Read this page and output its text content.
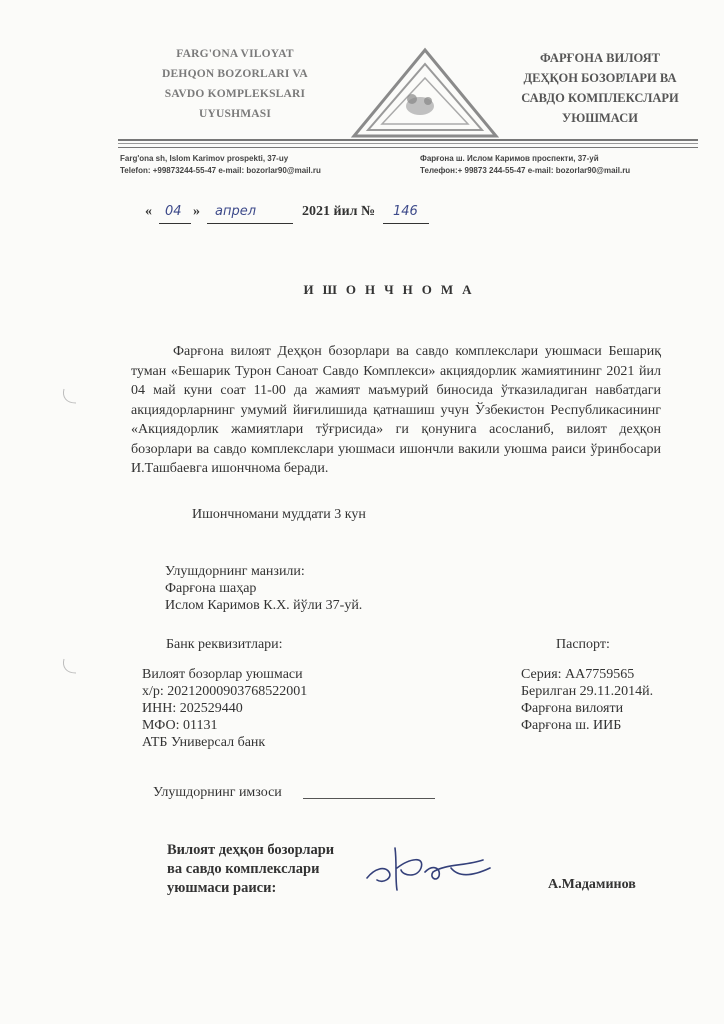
FARG'ONA VILOYAT
DEHQON BOZORLARI VA
SAVDO KOMPLEKSLARI
UYUSHMASI
ФАРҒОНА ВИЛОЯТ
ДЕҲҚОН БОЗОРЛАРИ ВА
САВДО КОМПЛЕКСЛАРИ
УЮШМАСИ
Farg'ona sh, Islom Karimov prospekti, 37-uy
Telefon: +99873244-55-47 e-mail: bozorlar90@mail.ru
Фарғона ш. Ислом Каримов проспекти, 37-уй
Телефон:+ 99873 244-55-47 e-mail: bozorlar90@mail.ru
« 04 » апрел	2021 йил № 146
ИШОНЧНОМА
Фарғона вилоят Деҳқон бозорлари ва савдо комплекслари уюшмаси Бешариқ туман «Бешарик Турон Саноат Савдо Комплекси» акциядорлик жамиятининг 2021 йил 04 май куни соат 11-00 да жамият маъмурий биносида ўтказиладиган навбатдаги акциядорларнинг умумий йиғилишида қатнашиш учун Ўзбекистон Республикасининг «Акциядорлик жамиятлари тўғрисида» ги қонунига асосланиб, вилоят деҳқон бозорлари ва савдо комплекслари уюшмаси ишончли вакили уюшма раиси ўринбосари И.Ташбаевга ишончнома беради.
Ишончномани муддати 3 кун
Улушдорнинг манзили:
Фарғона шаҳар
Ислом Каримов К.Х. йўли 37-уй.
Банк реквизитлари:	Паспорт:
Вилоят бозорлар уюшмаси
х/р: 20212000903768522001
ИНН: 202529440
МФО: 01131
АТБ Универсал банк
Серия: АА7759565
Берилган 29.11.2014й.
Фарғона вилояти
Фарғона ш. ИИБ
Улушдорнинг имзоси
Вилоят деҳқон бозорлари
ва савдо комплекслари
уюшмаси раиси:	А.Мадаминов
